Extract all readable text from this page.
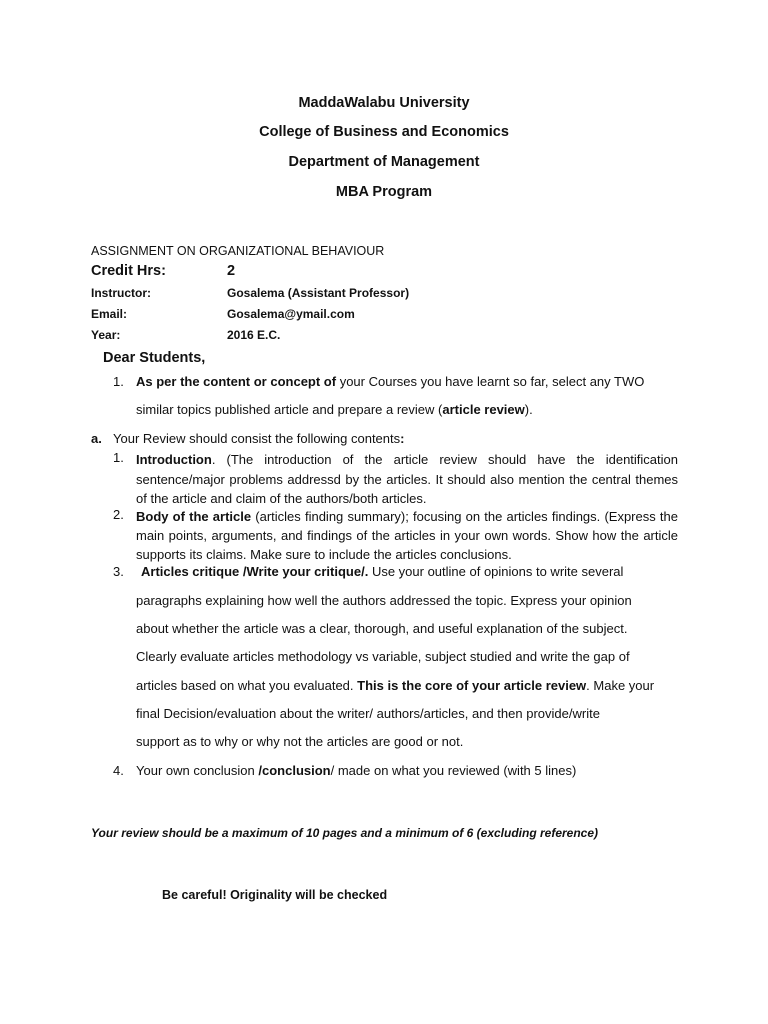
MaddaWalabu University
College of Business and Economics
Department of Management
MBA Program
ASSIGNMENT ON ORGANIZATIONAL BEHAVIOUR
Credit Hrs:	2
Instructor:	Gosalema (Assistant Professor)
Email:	Gosalema@ymail.com
Year:	2016 E.C.
Dear Students,
1. As per the content or concept of your Courses you have learnt so far, select any TWO
similar topics published article and prepare a review (article review).
a. Your Review should consist the following contents:
1. Introduction. (The introduction of the article review should have the identification sentence/major problems addressd by the articles. It should also mention the central themes of the article and claim of the authors/both articles.
2. Body of the article (articles finding summary); focusing on the articles findings. (Express the main points, arguments, and findings of the articles in your own words. Show how the article supports its claims. Make sure to include the articles conclusions.
3. Articles critique /Write your critique/. Use your outline of opinions to write several
paragraphs explaining how well the authors addressed the topic. Express your opinion
about whether the article was a clear, thorough, and useful explanation of the subject.
Clearly evaluate articles methodology vs variable, subject studied and write the gap of
articles based on what you evaluated. This is the core of your article review. Make your
final Decision/evaluation about the writer/ authors/articles, and then provide/write
support as to why or why not the articles are good or not.
4. Your own conclusion /conclusion/ made on what you reviewed (with 5 lines)
Your review should be a maximum of 10 pages and a minimum of 6 (excluding reference)
Be careful! Originality will be checked
